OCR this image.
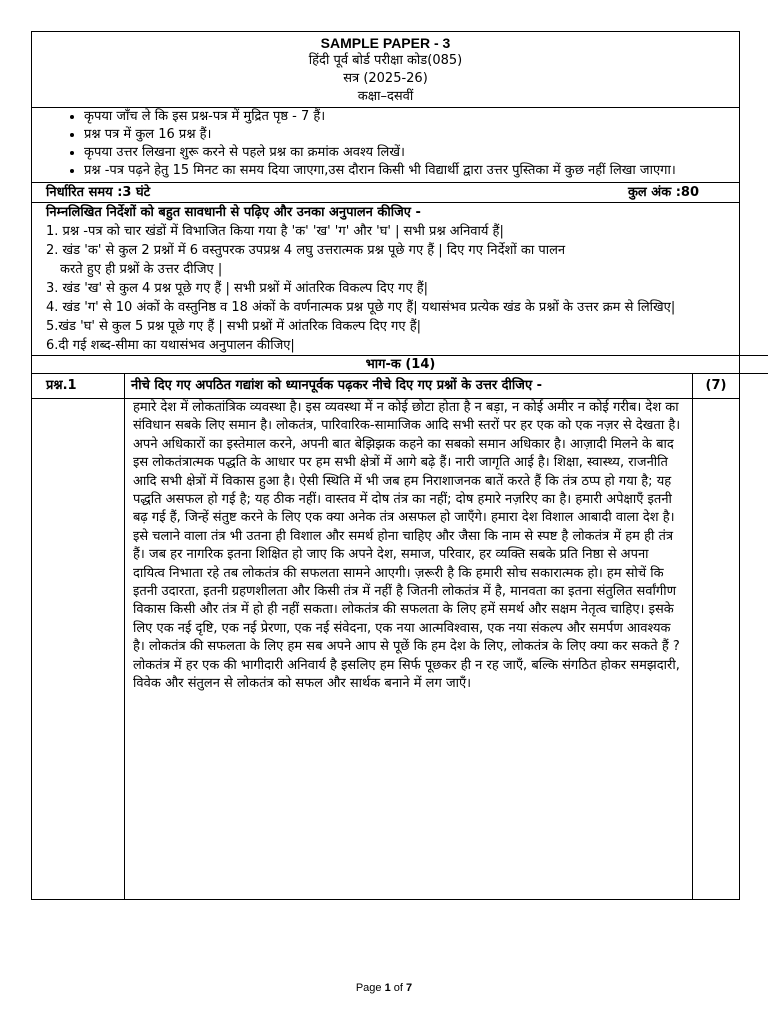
SAMPLE PAPER - 3
हिंदी पूर्व बोर्ड परीक्षा कोड(085)
सत्र (2025-26)
कक्षा–दसवीं
• कृपया जाँच ले कि इस प्रश्न-पत्र में मुद्रित पृष्ठ - 7 हैं।
• प्रश्न पत्र में कुल 16 प्रश्न हैं।
• कृपया उत्तर लिखना शुरू करने से पहले प्रश्न का क्रमांक अवश्य लिखें।
• प्रश्न -पत्र पढ़ने हेतु 15 मिनट का समय दिया जाएगा,उस दौरान किसी भी विद्यार्थी द्वारा उत्तर पुस्तिका में कुछ नहीं लिखा जाएगा।
निर्धारित समय :3 घंटे	कुल अंक :80
निम्नलिखित निर्देशों को बहुत सावधानी से पढ़िए और उनका अनुपालन कीजिए -
1. प्रश्न -पत्र को चार खंडों में विभाजित किया गया है 'क' 'ख' 'ग' और 'घ' | सभी प्रश्न अनिवार्य हैं|
2. खंड 'क' से कुल 2 प्रश्नों में 6 वस्तुपरक उपप्रश्न 4 लघु उत्तरात्मक प्रश्न पूछे गए हैं | दिए गए निर्देशों का पालन
करते हुए ही प्रश्नों के उत्तर दीजिए |
3. खंड 'ख' से कुल 4 प्रश्न पूछे गए हैं | सभी प्रश्नों में आंतरिक विकल्प दिए गए हैं|
4. खंड 'ग' से 10 अंकों के वस्तुनिष्ठ व 18 अंकों के वर्णनात्मक प्रश्न पूछे गए हैं| यथासंभव प्रत्येक खंड के प्रश्नों के उत्तर क्रम से लिखिए|
5.खंड 'घ' से कुल 5 प्रश्न पूछे गए हैं | सभी प्रश्नों में आंतरिक विकल्प दिए गए हैं|
6.दी गई शब्द-सीमा का यथासंभव अनुपालन कीजिए|
भाग-क (14)
प्रश्न.1	नीचे दिए गए अपठित गद्यांश को ध्यानपूर्वक पढ़कर नीचे दिए गए प्रश्नों के उत्तर दीजिए -	(7)
	हमारे देश में लोकतांत्रिक व्यवस्था है। इस व्यवस्था में न कोई छोटा होता है न बड़ा, न कोई अमीर न कोई गरीब। देश का संविधान सबके लिए समान है। लोकतंत्र, पारिवारिक-सामाजिक आदि सभी स्तरों पर हर एक को एक नज़र से देखता है। अपने अधिकारों का इस्तेमाल करने, अपनी बात बेझिझक कहने का सबको समान अधिकार है। आज़ादी मिलने के बाद इस लोकतंत्रात्मक पद्धति के आधार पर हम सभी क्षेत्रों में आगे बढ़े हैं। नारी जागृति आई है। शिक्षा, स्वास्थ्य, राजनीति आदि सभी क्षेत्रों में विकास हुआ है। ऐसी स्थिति में भी जब हम निराशाजनक बातें करते हैं कि तंत्र ठप्प हो गया है; यह पद्धति असफल हो गई है; यह ठीक नहीं। वास्तव में दोष तंत्र का नहीं; दोष हमारे नज़रिए का है। हमारी अपेक्षाएँ इतनी बढ़ गई हैं, जिन्हें संतुष्ट करने के लिए एक क्या अनेक तंत्र असफल हो जाएँगे। हमारा देश विशाल आबादी वाला देश है। इसे चलाने वाला तंत्र भी उतना ही विशाल और समर्थ होना चाहिए और जैसा कि नाम से स्पष्ट है लोकतंत्र में हम ही तंत्र हैं। जब हर नागरिक इतना शिक्षित हो जाए कि अपने देश, समाज, परिवार, हर व्यक्ति सबके प्रति निष्ठा से अपना दायित्व निभाता रहे तब लोकतंत्र की सफलता सामने आएगी। ज़रूरी है कि हमारी सोच सकारात्मक हो। हम सोचें कि इतनी उदारता, इतनी ग्रहणशीलता और किसी तंत्र में नहीं है जितनी लोकतंत्र में है, मानवता का इतना संतुलित सर्वांगीण विकास किसी और तंत्र में हो ही नहीं सकता। लोकतंत्र की सफलता के लिए हमें समर्थ और सक्षम नेतृत्व चाहिए। इसके लिए एक नई दृष्टि, एक नई प्रेरणा, एक नई संवेदना, एक नया आत्मविश्वास, एक नया संकल्प और समर्पण आवश्यक है। लोकतंत्र की सफलता के लिए हम सब अपने आप से पूछें कि हम देश के लिए, लोकतंत्र के लिए क्या कर सकते हैं ? लोकतंत्र में हर एक की भागीदारी अनिवार्य है इसलिए हम सिर्फ पूछकर ही न रह जाएँ, बल्कि संगठित होकर समझदारी, विवेक और संतुलन से लोकतंत्र को सफल और सार्थक बनाने में लग जाएँ।	
Page 1 of 7
